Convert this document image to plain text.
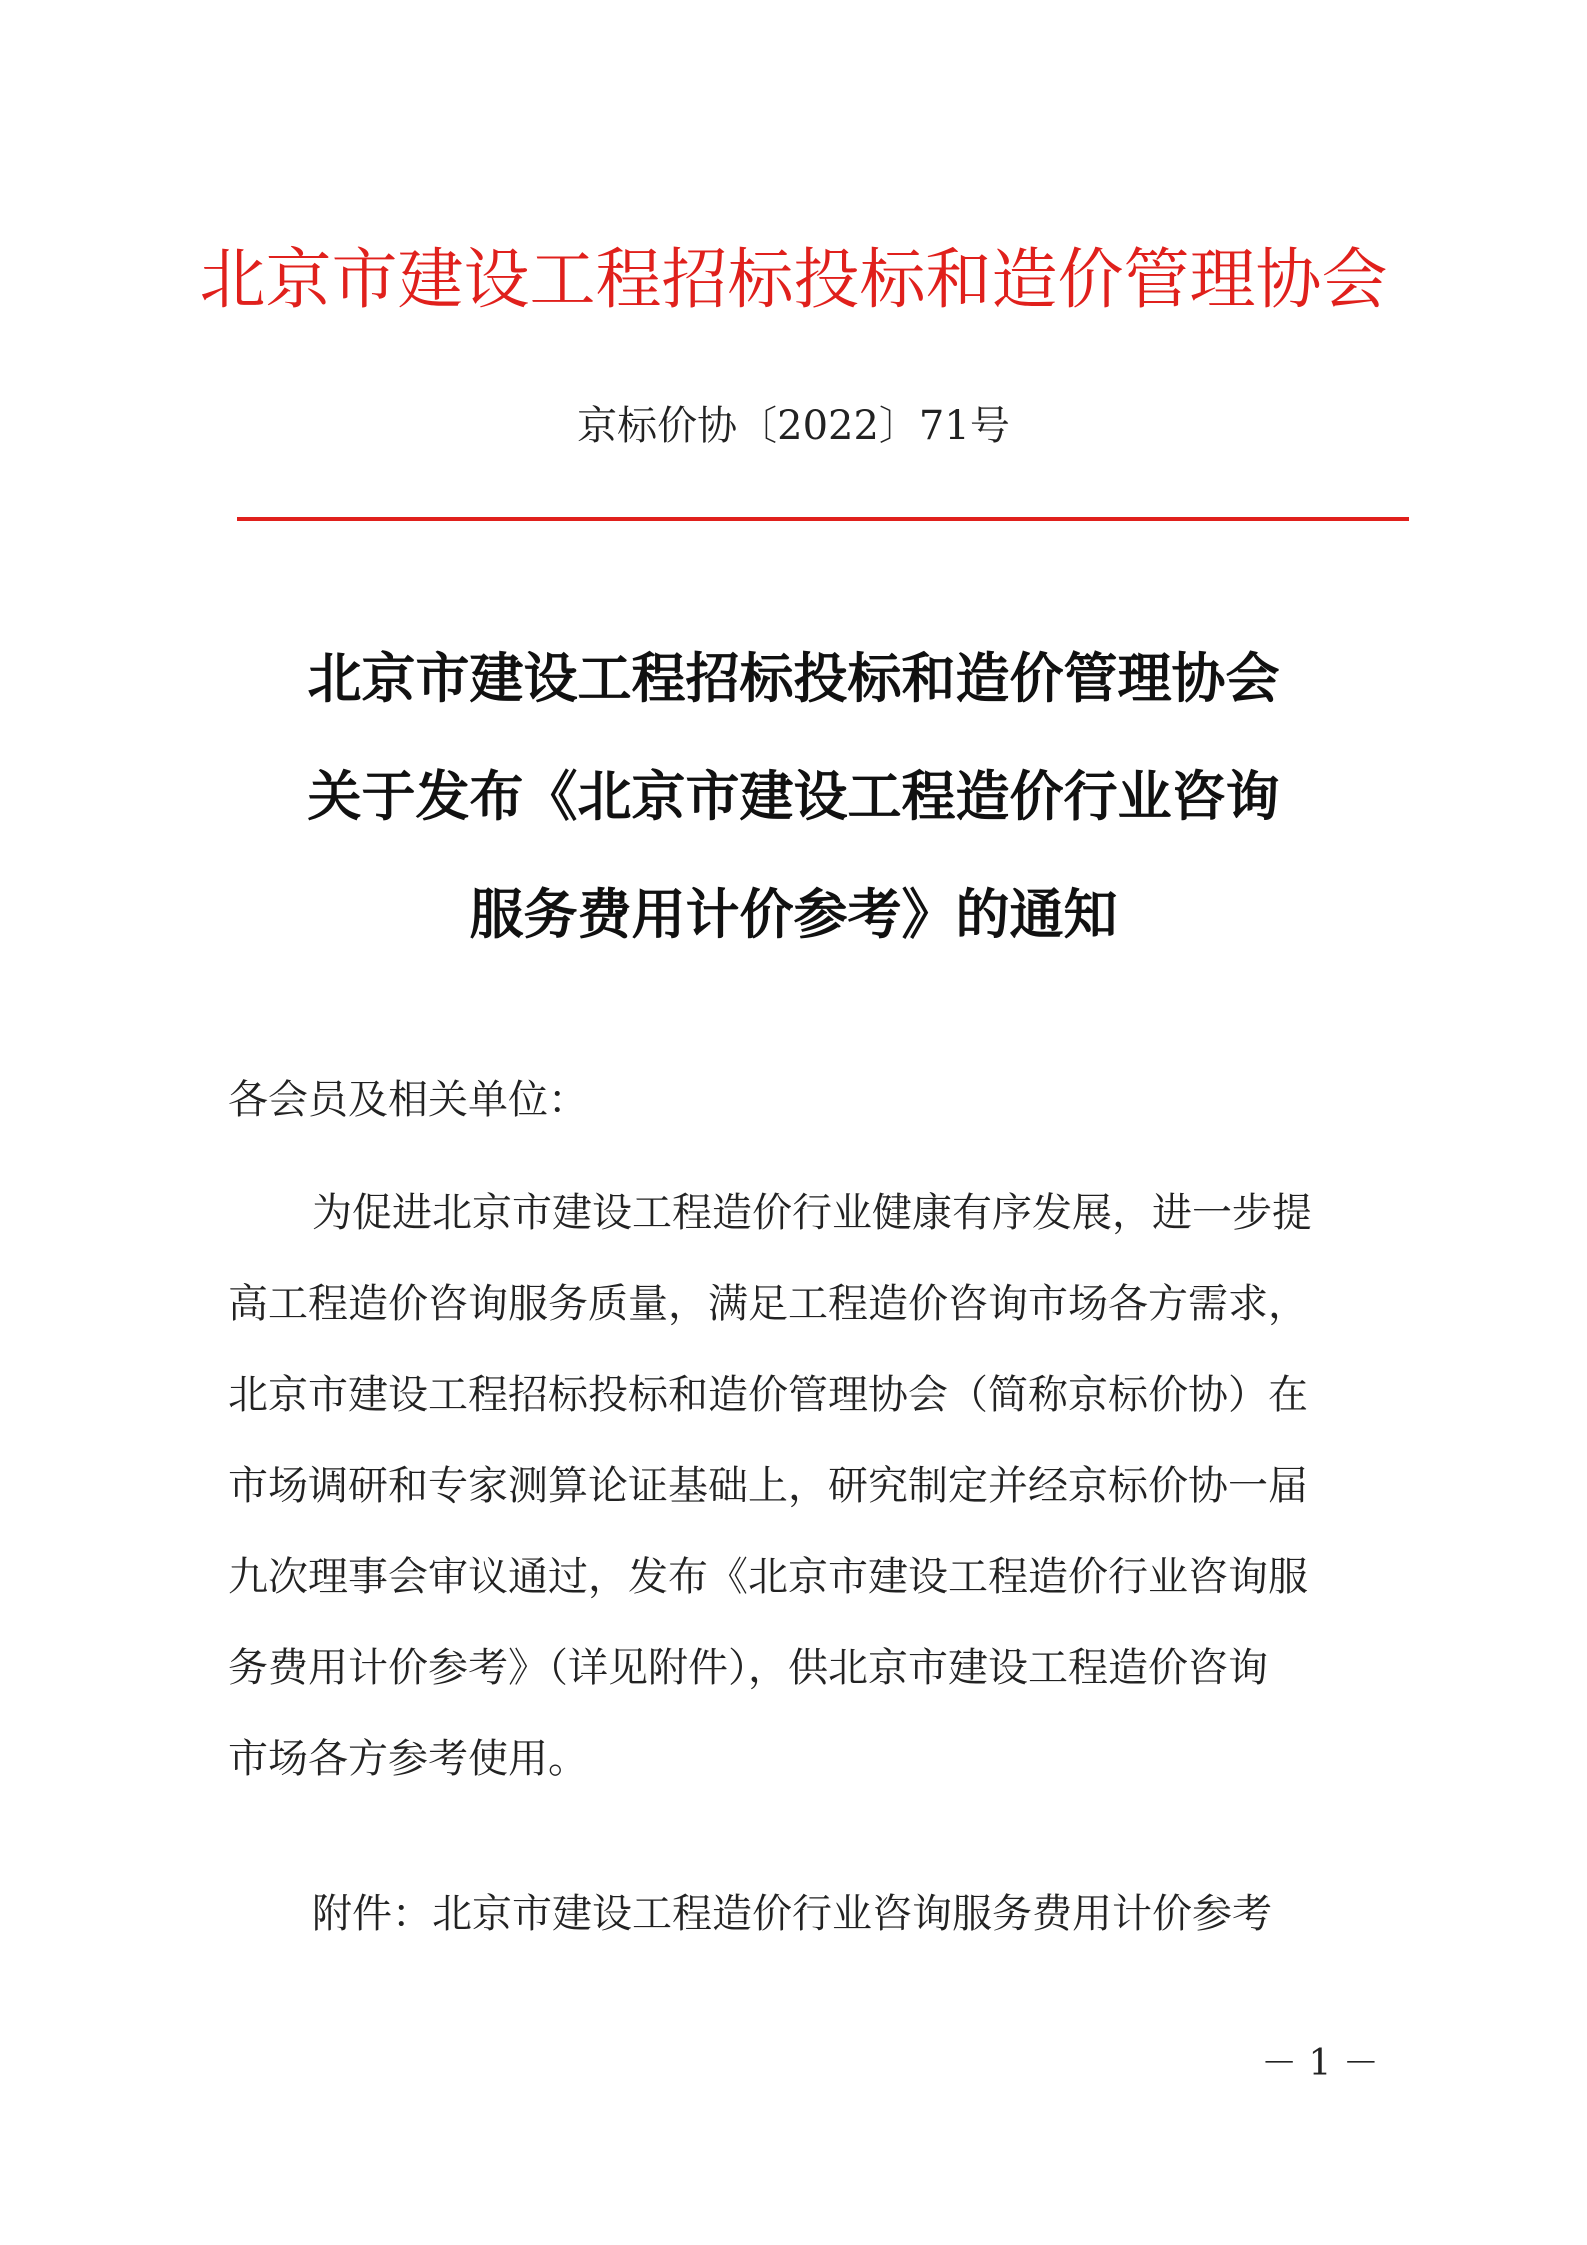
北京市建设工程招标投标和造价管理协会
京标价协〔2022〕71号
北京市建设工程招标投标和造价管理协会
关于发布《北京市建设工程造价行业咨询
服务费用计价参考》的通知
各会员及相关单位：
为促进北京市建设工程造价行业健康有序发展，进一步提
高工程造价咨询服务质量，满足工程造价咨询市场各方需求，
北京市建设工程招标投标和造价管理协会（简称京标价协）在
市场调研和专家测算论证基础上，研究制定并经京标价协一届
九次理事会审议通过，发布《北京市建设工程造价行业咨询服
务费用计价参考》（详见附件），供北京市建设工程造价咨询
市场各方参考使用。
附件：北京市建设工程造价行业咨询服务费用计价参考
－ 1 －
